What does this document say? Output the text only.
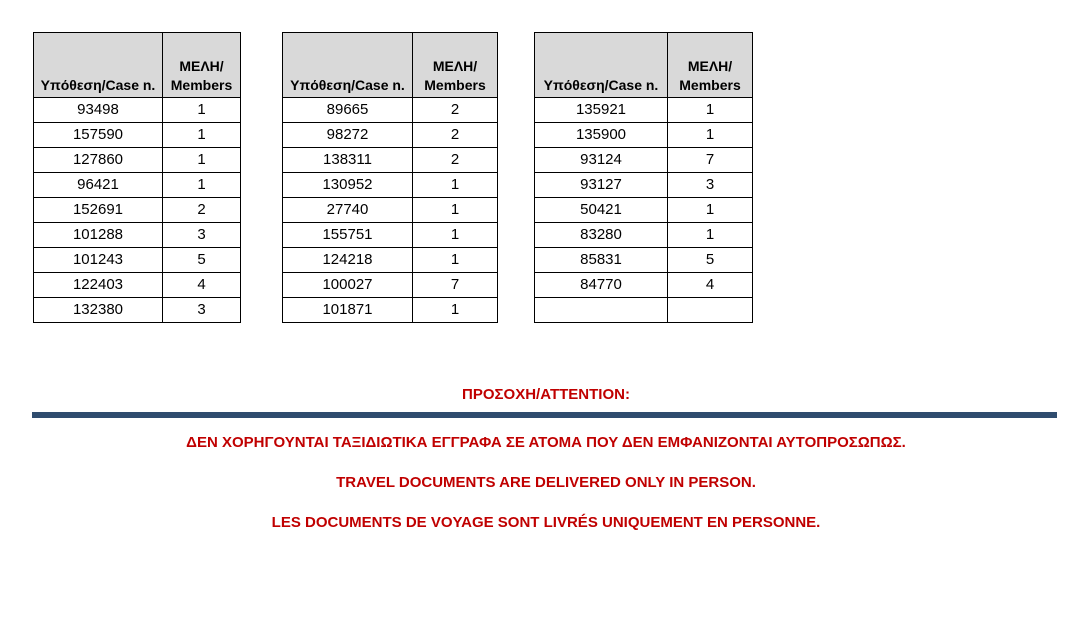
Υπόθεση/Case n.	ΜΕΛΗ/
Members

93498	1
157590	1
127860	1
96421	1
152691	2
101288	3
101243	5
122403	4
132380	3
Υπόθεση/Case n.	ΜΕΛΗ/
Members

89665	2
98272	2
138311	2
130952	1
27740	1
155751	1
124218	1
100027	7
101871	1
Υπόθεση/Case n.	ΜΕΛΗ/
Members

135921	1
135900	1
93124	7
93127	3
50421	1
83280	1
85831	5
84770	4

ΠΡΟΣΟΧΗ/ATTENTION:
ΔΕΝ ΧΟΡΗΓΟΥΝΤΑΙ ΤΑΞΙΔΙΩΤΙΚΑ ΕΓΓΡΑΦΑ ΣΕ ΑΤΟΜΑ ΠΟΥ ΔΕΝ ΕΜΦΑΝΙΖΟΝΤΑΙ ΑΥΤΟΠΡΟΣΩΠΩΣ.
TRAVEL DOCUMENTS ARE DELIVERED ONLY IN PERSON.
LES DOCUMENTS DE VOYAGE SONT LIVRÉS UNIQUEMENT EN PERSONNE.
